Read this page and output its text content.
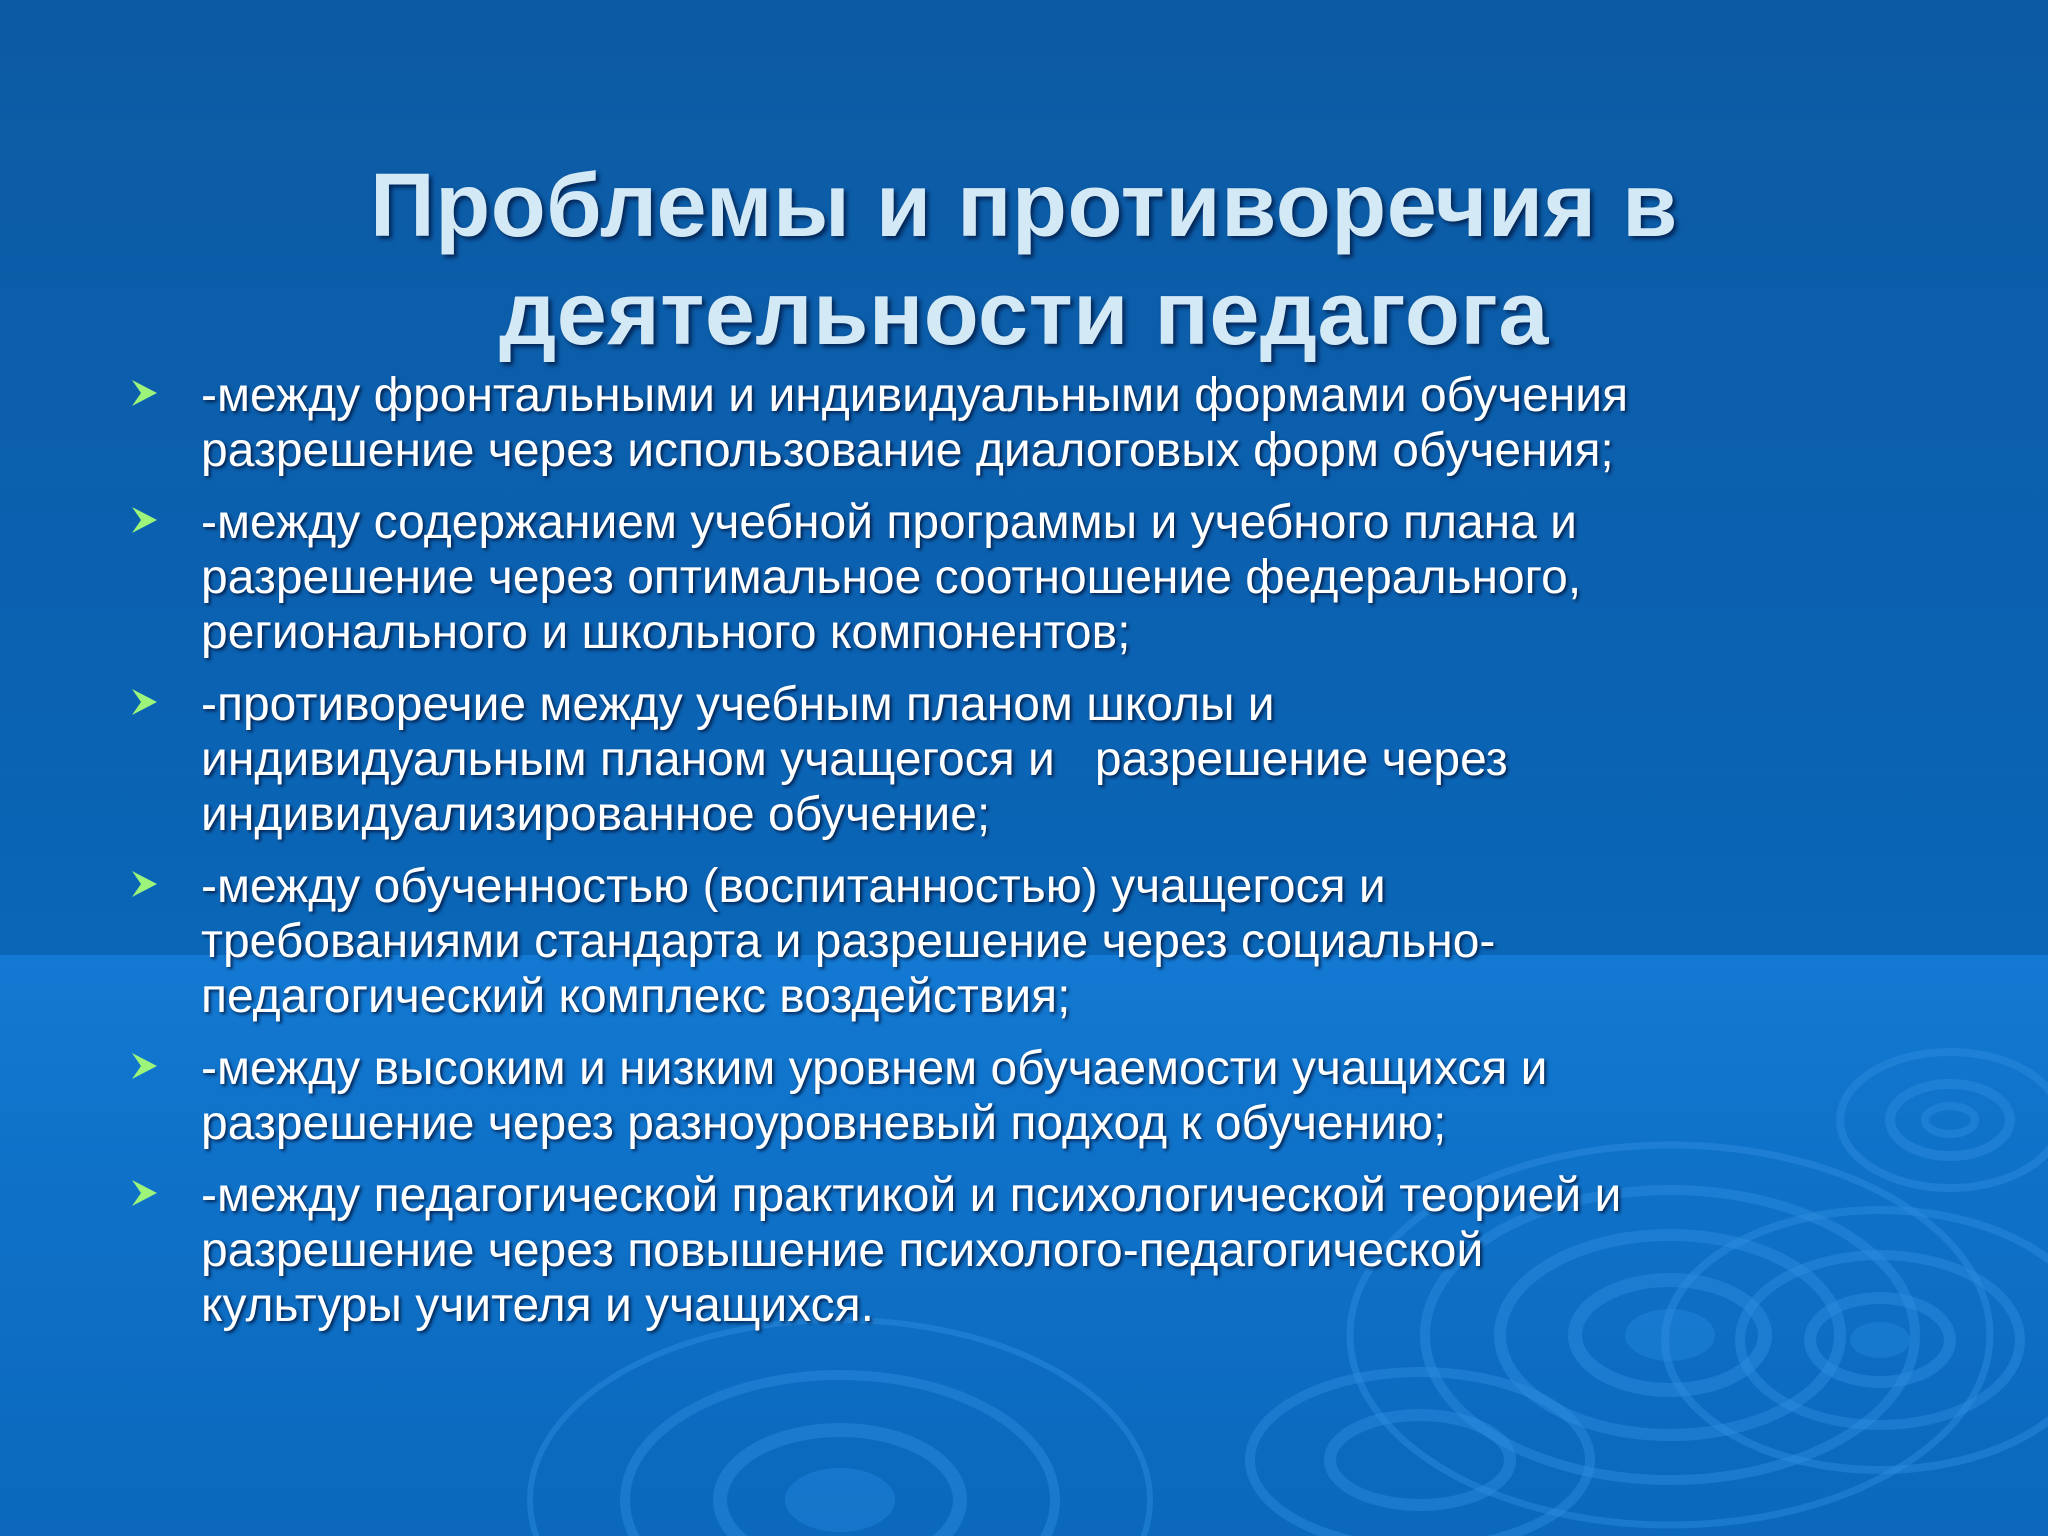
Проблемы и противоречия в
деятельности педагога
-между фронтальными и индивидуальными формами обучения
разрешение через использование диалоговых форм обучения;
-между содержанием учебной программы и учебного плана и
разрешение через оптимальное соотношение федерального,
регионального и школьного компонентов;
-противоречие между учебным планом школы и
индивидуальным планом учащегося и   разрешение через
индивидуализированное обучение;
-между обученностью (воспитанностью) учащегося и
требованиями стандарта и разрешение через социально-
педагогический комплекс воздействия;
-между высоким и низким уровнем обучаемости учащихся и
разрешение через разноуровневый подход к обучению;
-между педагогической практикой и психологической теорией и
разрешение через повышение психолого-педагогической
культуры учителя и учащихся.
